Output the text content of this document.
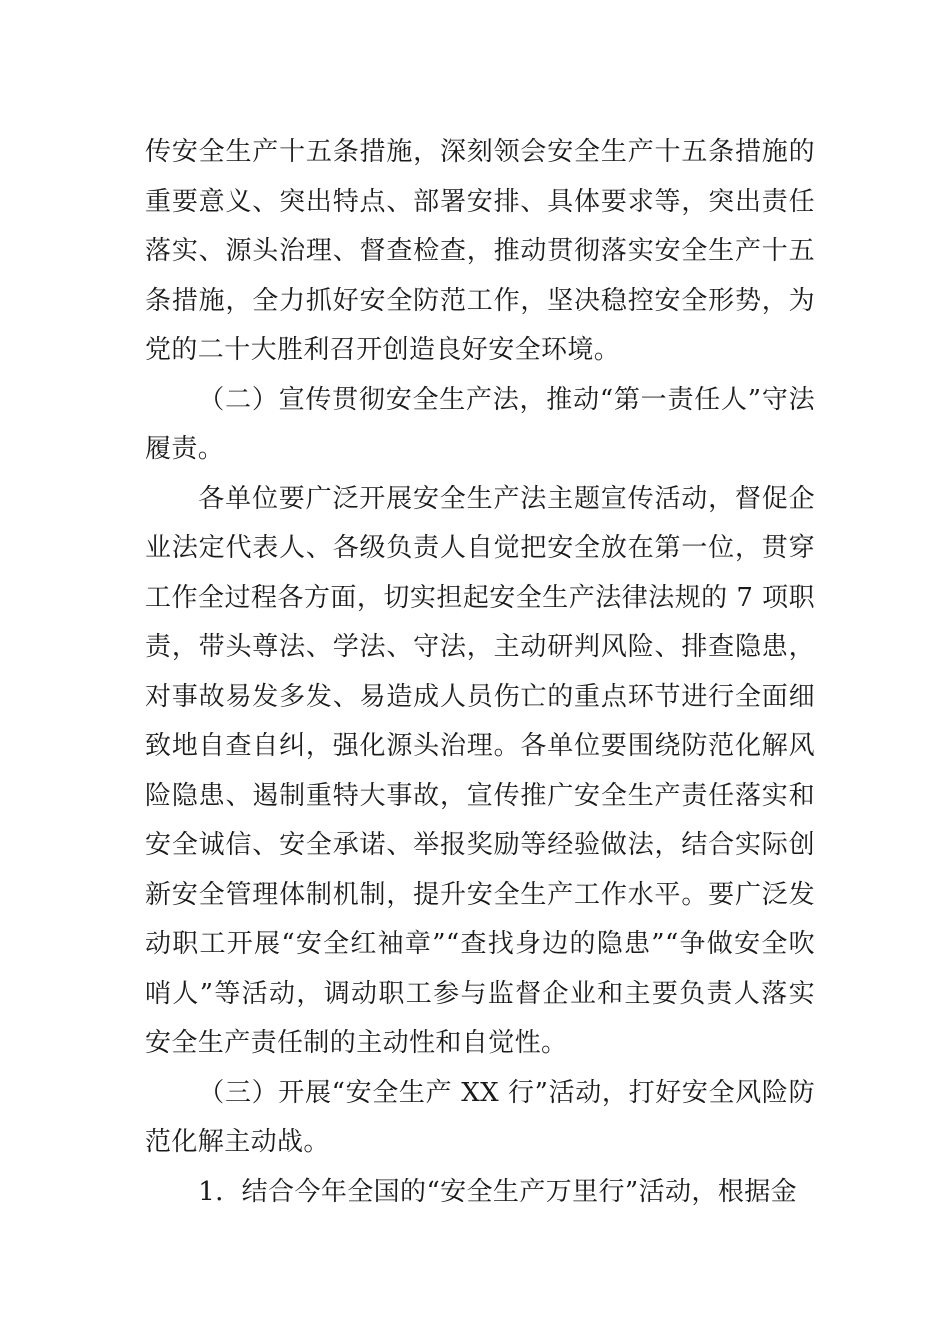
传安全生产十五条措施，深刻领会安全生产十五条措施的重要意义、突出特点、部署安排、具体要求等，突出责任落实、源头治理、督查检查，推动贯彻落实安全生产十五条措施，全力抓好安全防范工作，坚决稳控安全形势，为党的二十大胜利召开创造良好安全环境。

（二）宣传贯彻安全生产法，推动“第一责任人”守法履责。

各单位要广泛开展安全生产法主题宣传活动，督促企业法定代表人、各级负责人自觉把安全放在第一位，贯穿工作全过程各方面，切实担起安全生产法律法规的 7 项职责，带头尊法、学法、守法，主动研判风险、排查隐患，对事故易发多发、易造成人员伤亡的重点环节进行全面细致地自查自纠，强化源头治理。各单位要围绕防范化解风险隐患、遏制重特大事故，宣传推广安全生产责任落实和安全诚信、安全承诺、举报奖励等经验做法，结合实际创新安全管理体制机制，提升安全生产工作水平。要广泛发动职工开展“安全红袖章”“查找身边的隐患”“争做安全吹哨人”等活动，调动职工参与监督企业和主要负责人落实安全生产责任制的主动性和自觉性。

（三）开展“安全生产 XX 行”活动，打好安全风险防范化解主动战。

1．结合今年全国的“安全生产万里行”活动，根据金
